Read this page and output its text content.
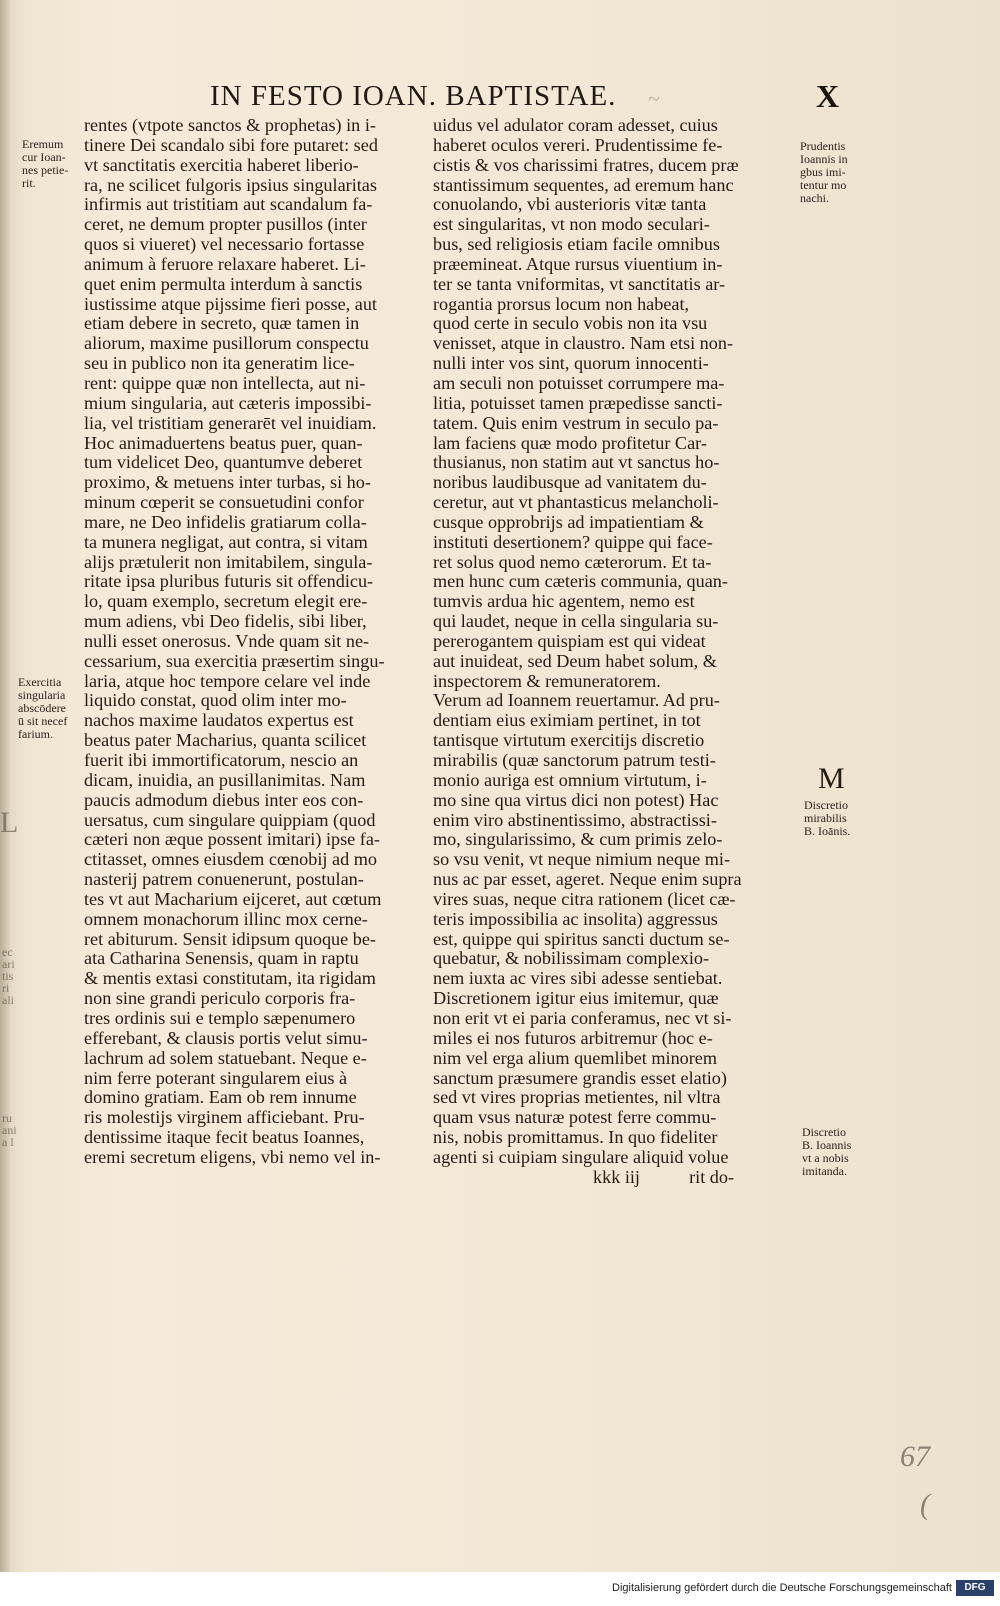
IN FESTO IOAN. BAPTISTAE.	~	X
Eremum
cur Ioan-
nes petie-
rit.
Exercitia
singularia
abscōdere
ū sit necef
farium.
L
ec
ari
tis
ri
ali
ru
ani
a l
rentes (vtpote sanctos & prophetas) in i-
tinere Dei scandalo sibi fore putaret: sed
vt sanctitatis exercitia haberet liberio-
ra, ne scilicet fulgoris ipsius singularitas
infirmis aut tristitiam aut scandalum fa-
ceret, ne demum propter pusillos (inter
quos si viueret) vel necessario fortasse
animum à feruore relaxare haberet. Li-
quet enim permulta interdum à sanctis
iustissime atque pijssime fieri posse, aut
etiam debere in secreto, quæ tamen in
aliorum, maxime pusillorum conspectu
seu in publico non ita generatim lice-
rent: quippe quæ non intellecta, aut ni-
mium singularia, aut cæteris impossibi-
lia, vel tristitiam generarēt vel inuidiam.
Hoc animaduertens beatus puer, quan-
tum videlicet Deo, quantumve deberet
proximo, & metuens inter turbas, si ho-
minum cœperit se consuetudini confor
mare, ne Deo infidelis gratiarum colla-
ta munera negligat, aut contra, si vitam
alijs prætulerit non imitabilem, singula-
ritate ipsa pluribus futuris sit offendicu-
lo, quam exemplo, secretum elegit ere-
mum adiens, vbi Deo fidelis, sibi liber,
nulli esset onerosus. Vnde quam sit ne-
cessarium, sua exercitia præsertim singu-
laria, atque hoc tempore celare vel inde
liquido constat, quod olim inter mo-
nachos maxime laudatos expertus est
beatus pater Macharius, quanta scilicet
fuerit ibi immortificatorum, nescio an
dicam, inuidia, an pusillanimitas. Nam
paucis admodum diebus inter eos con-
uersatus, cum singulare quippiam (quod
cæteri non æque possent imitari) ipse fa-
ctitasset, omnes eiusdem cœnobij ad mo
nasterij patrem conuenerunt, postulan-
tes vt aut Macharium eijceret, aut cœtum
omnem monachorum illinc mox cerne-
ret abiturum. Sensit idipsum quoque be-
ata Catharina Senensis, quam in raptu
& mentis extasi constitutam, ita rigidam
non sine grandi periculo corporis fra-
tres ordinis sui e templo sæpenumero
efferebant, & clausis portis velut simu-
lachrum ad solem statuebant. Neque e-
nim ferre poterant singularem eius à
domino gratiam. Eam ob rem innume
ris molestijs virginem afficiebant. Pru-
dentissime itaque fecit beatus Ioannes,
eremi secretum eligens, vbi nemo vel in-
uidus vel adulator coram adesset, cuius
haberet oculos vereri. Prudentissime fe-
cistis & vos charissimi fratres, ducem præ
stantissimum sequentes, ad eremum hanc
conuolando, vbi austerioris vitæ tanta
est singularitas, vt non modo seculari-
bus, sed religiosis etiam facile omnibus
præemineat. Atque rursus viuentium in-
ter se tanta vniformitas, vt sanctitatis ar-
rogantia prorsus locum non habeat,
quod certe in seculo vobis non ita vsu
venisset, atque in claustro. Nam etsi non-
nulli inter vos sint, quorum innocenti-
am seculi non potuisset corrumpere ma-
litia, potuisset tamen præpedisse sancti-
tatem. Quis enim vestrum in seculo pa-
lam faciens quæ modo profitetur Car-
thusianus, non statim aut vt sanctus ho-
noribus laudibusque ad vanitatem du-
ceretur, aut vt phantasticus melancholi-
cusque opprobrijs ad impatientiam &
instituti desertionem? quippe qui face-
ret solus quod nemo cæterorum. Et ta-
men hunc cum cæteris communia, quan-
tumvis ardua hic agentem, nemo est
qui laudet, neque in cella singularia su-
pererogantem quispiam est qui videat
aut inuideat, sed Deum habet solum, &
inspectorem & remuneratorem.
Verum ad Ioannem reuertamur. Ad pru-
dentiam eius eximiam pertinet, in tot
tantisque virtutum exercitijs discretio
mirabilis (quæ sanctorum patrum testi-
monio auriga est omnium virtutum, i-
mo sine qua virtus dici non potest) Hac
enim viro abstinentissimo, abstractissi-
mo, singularissimo, & cum primis zelo-
so vsu venit, vt neque nimium neque mi-
nus ac par esset, ageret. Neque enim supra
vires suas, neque citra rationem (licet cæ-
teris impossibilia ac insolita) aggressus
est, quippe qui spiritus sancti ductum se-
quebatur, & nobilissimam complexio-
nem iuxta ac vires sibi adesse sentiebat.
Discretionem igitur eius imitemur, quæ
non erit vt ei paria conferamus, nec vt si-
miles ei nos futuros arbitremur (hoc e-
nim vel erga alium quemlibet minorem
sanctum præsumere grandis esset elatio)
sed vt vires proprias metientes, nil vltra
quam vsus naturæ potest ferre commu-
nis, nobis promittamus. In quo fideliter
agenti si cuipiam singulare aliquid volue
kkk iij	rit do-
Prudentis
Ioannis in
gbus imi-
tentur mo
nachi.
M
Discretio
mirabilis
B. Ioānis.
Discretio
B. Ioannis
vt a nobis
imitanda.
67
(
Digitalisierung gefördert durch die Deutsche Forschungsgemeinschaft	DFG
